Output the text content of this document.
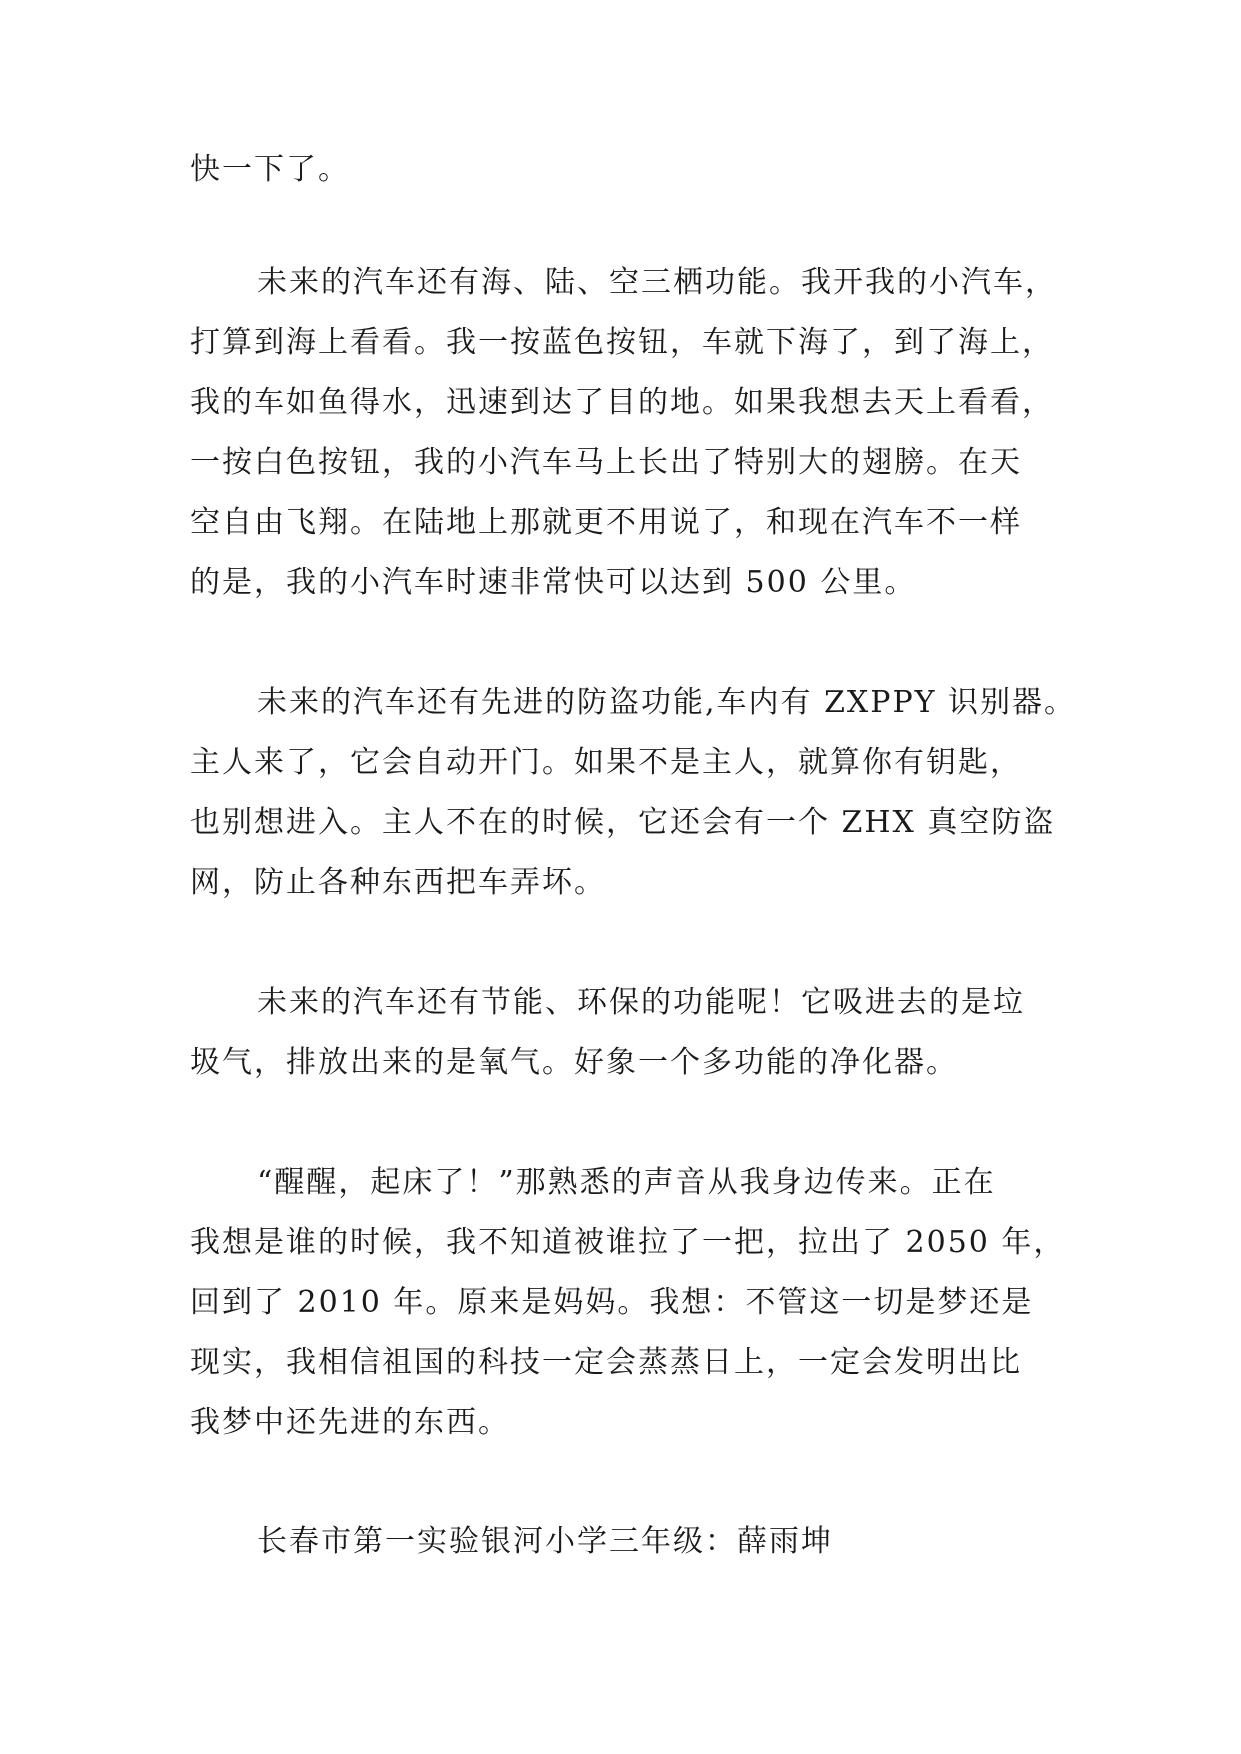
快一下了。
未来的汽车还有海、陆、空三栖功能。我开我的小汽车，
打算到海上看看。我一按蓝色按钮，车就下海了，到了海上，
我的车如鱼得水，迅速到达了目的地。如果我想去天上看看，
一按白色按钮，我的小汽车马上长出了特别大的翅膀。在天
空自由飞翔。在陆地上那就更不用说了，和现在汽车不一样
的是，我的小汽车时速非常快可以达到 500 公里。
未来的汽车还有先进的防盗功能,车内有 ZXPPY 识别器。
主人来了，它会自动开门。如果不是主人，就算你有钥匙，
也别想进入。主人不在的时候，它还会有一个 ZHX 真空防盗
网，防止各种东西把车弄坏。
未来的汽车还有节能、环保的功能呢！它吸进去的是垃
圾气，排放出来的是氧气。好象一个多功能的净化器。
“醒醒，起床了！”那熟悉的声音从我身边传来。正在
我想是谁的时候，我不知道被谁拉了一把，拉出了 2050 年，
回到了 2010 年。原来是妈妈。我想：不管这一切是梦还是
现实，我相信祖国的科技一定会蒸蒸日上，一定会发明出比
我梦中还先进的东西。
长春市第一实验银河小学三年级：薛雨坤
